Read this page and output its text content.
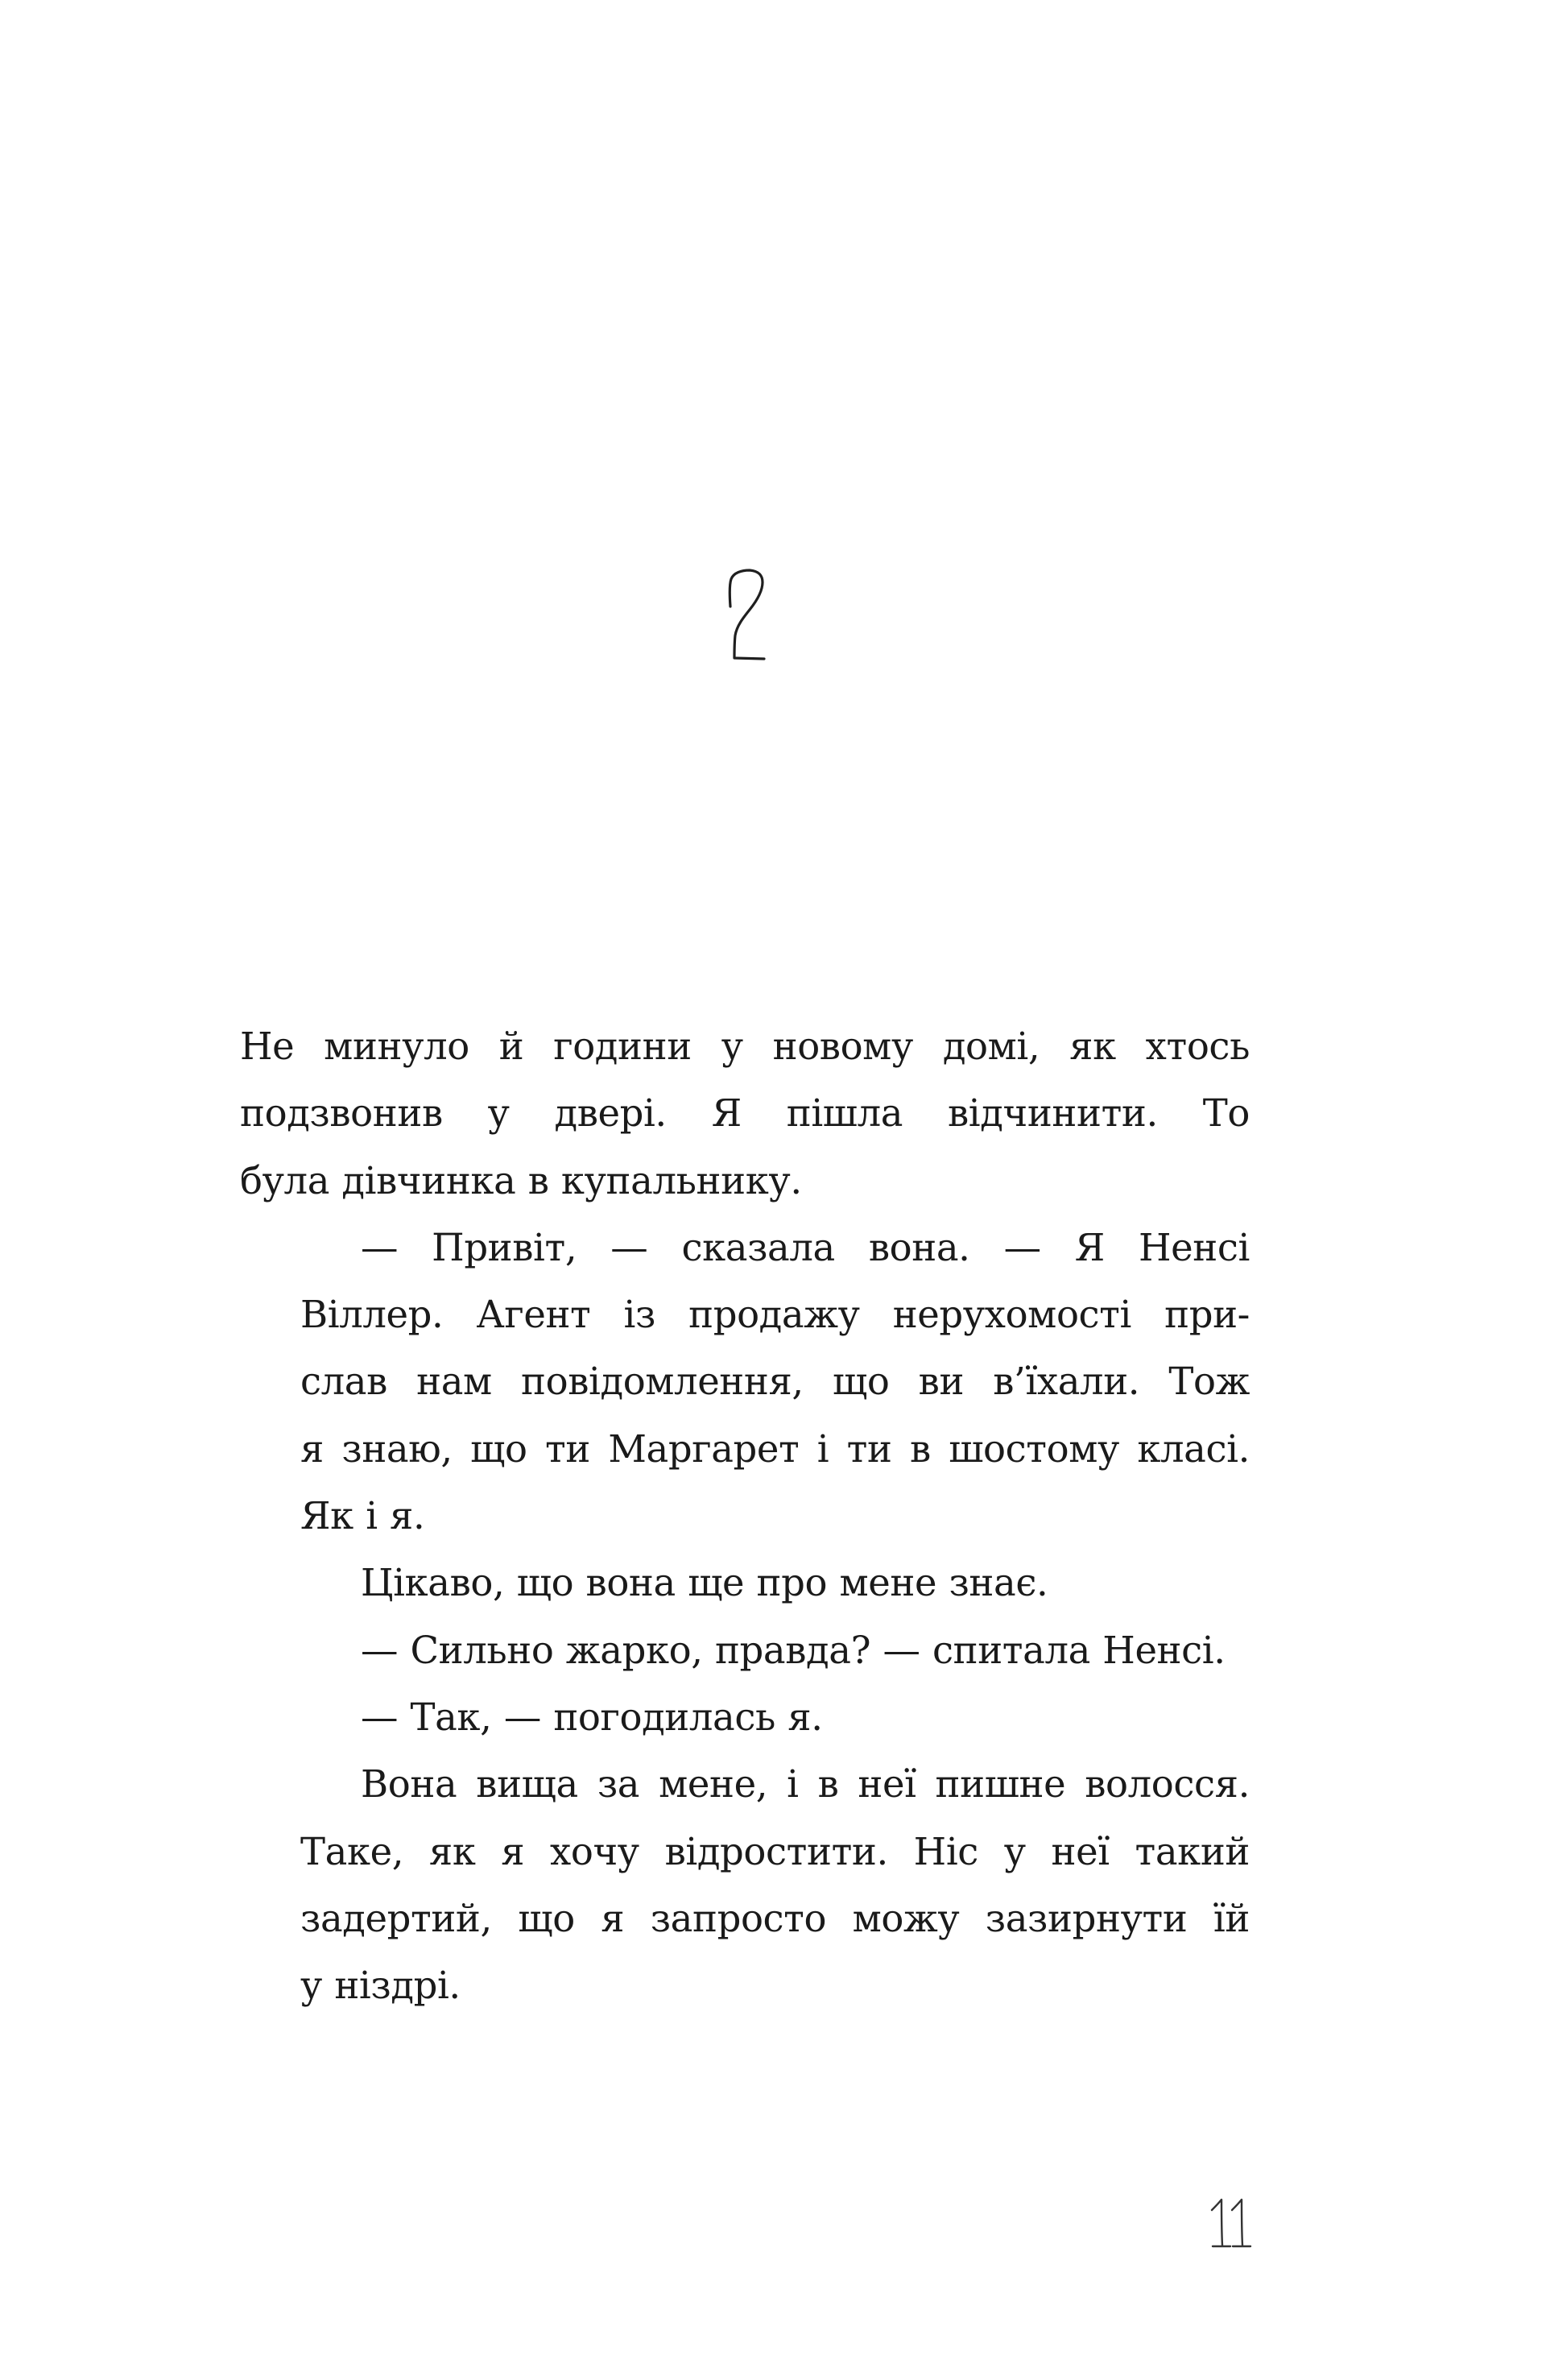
Не минуло й години у новому домі, як хтось
подзвонив у двері. Я пішла відчинити. То
була дівчинка в купальнику.

— Привіт, — сказала вона. — Я Ненсі
Віллер. Агент із продажу нерухомості при-
слав нам повідомлення, що ви в’їхали. Тож
я знаю, що ти Маргарет і ти в шостому класі.
Як і я.

Цікаво, що вона ще про мене знає.

— Сильно жарко, правда? — спитала Ненсі.

— Так, — погодилась я.

Вона вища за мене, і в неї пишне волосся.
Таке, як я хочу відростити. Ніс у неї такий
задертий, що я запросто можу зазирнути їй
у ніздрі.
